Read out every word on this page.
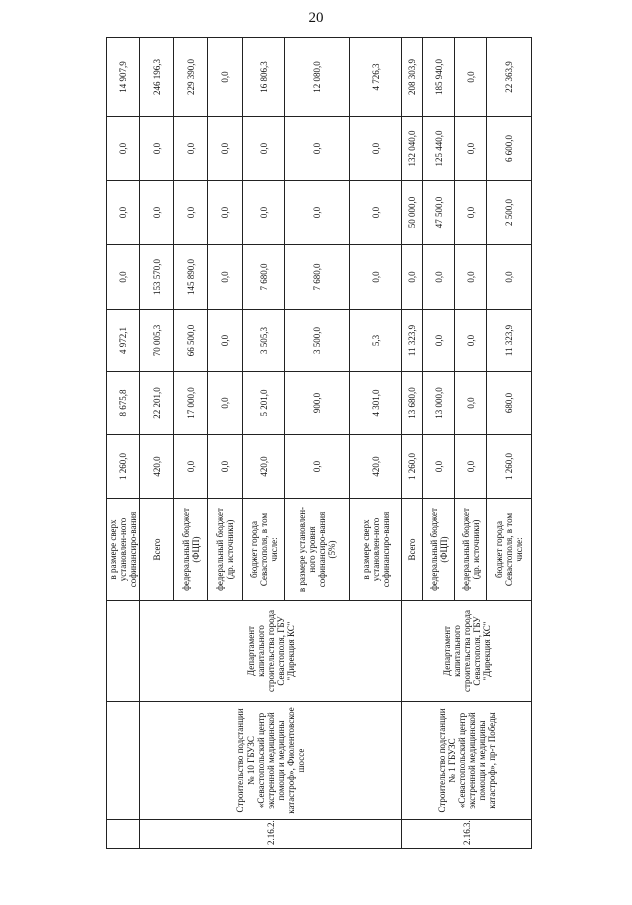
20
			в размере сверх установлен-ного софинансиро-вания	1 260,0	8 675,8	4 972,1	0,0	0,0	0,0	14 907,9
2.16.2.	Строительство подстанции № 10 ГБУЗС «Севастопольский центр экстренной медицинской помощи и медицины катастроф», Фиолентовское шоссе	Департамент капитального строительства города Севастополя, ГБУ "Дирекция КС"	Всего	420,0	22 201,0	70 005,3	153 570,0	0,0	0,0	246 196,3
			федеральный бюджет (ФЦП)	0,0	17 000,0	66 500,0	145 890,0	0,0	0,0	229 390,0
			федеральный бюджет (др. источники)	0,0	0,0	0,0	0,0	0,0	0,0	0,0
			бюджет города Севастополя, в том числе:	420,0	5 201,0	3 505,3	7 680,0	0,0	0,0	16 806,3
			в размере установлен-ного уровня софинансиро-вания (5%)	0,0	900,0	3 500,0	7 680,0	0,0	0,0	12 080,0
			в размере сверх установлен-ного софинансиро-вания	420,0	4 301,0	5,3	0,0	0,0	0,0	4 726,3
2.16.3.	Строительство подстанции № 1 ГБУЗС «Севастопольский центр экстренной медицинской помощи и медицины катастроф», пр-т Победы	Департамент капитального строительства города Севастополя, ГБУ "Дирекция КС"	Всего	1 260,0	13 680,0	11 323,9	0,0	50 000,0	132 040,0	208 303,9
			федеральный бюджет (ФЦП)	0,0	13 000,0	0,0	0,0	47 500,0	125 440,0	185 940,0
			федеральный бюджет (др. источники)	0,0	0,0	0,0	0,0	0,0	0,0	0,0
			бюджет города Севастополя, в том числе:	1 260,0	680,0	11 323,9	0,0	2 500,0	6 600,0	22 363,9
